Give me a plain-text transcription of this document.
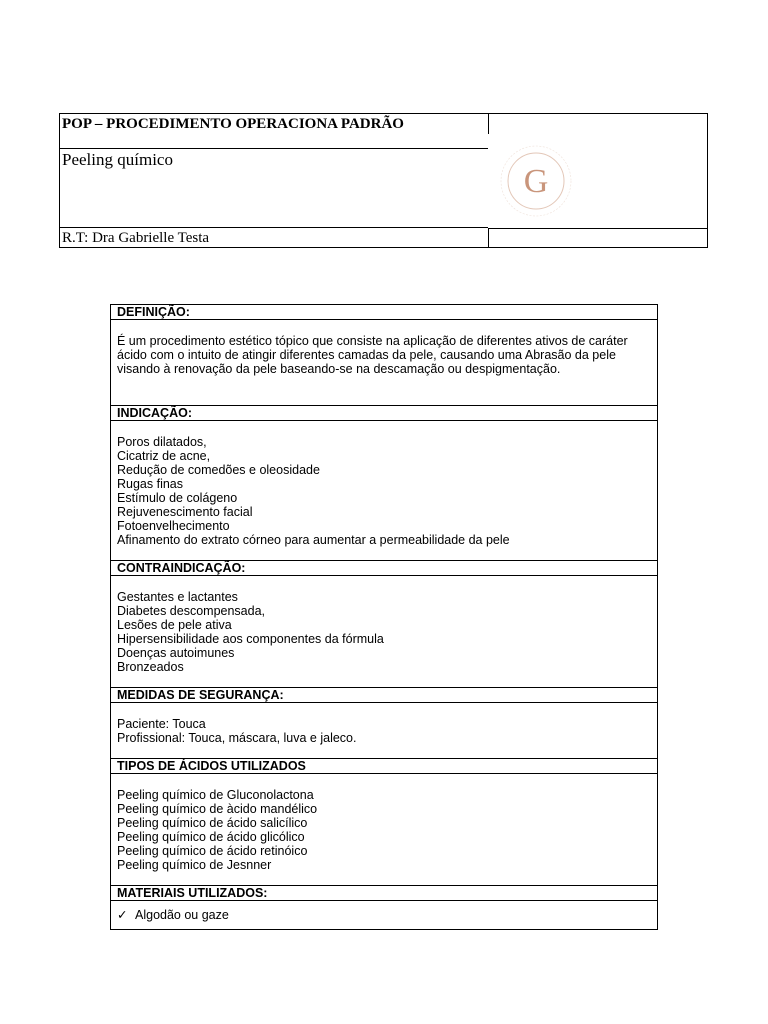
POP – PROCEDIMENTO OPERACIONA PADRÃO
Peeling químico
R.T: Dra Gabrielle Testa
G
DEFINIÇÃO:
É um procedimento estético tópico que consiste na aplicação de diferentes ativos de caráter
ácido com o intuito de atingir diferentes camadas da pele, causando uma Abrasão da pele
visando à renovação da pele baseando-se na descamação ou despigmentação.
INDICAÇÃO:
Poros dilatados,
Cicatriz de acne,
Redução de comedões e oleosidade
Rugas finas
Estímulo de colágeno
Rejuvenescimento facial
Fotoenvelhecimento
Afinamento do extrato córneo para aumentar a permeabilidade da pele
CONTRAINDICAÇÃO:
Gestantes e lactantes
Diabetes descompensada,
Lesões de pele ativa
Hipersensibilidade aos componentes da fórmula
Doenças autoimunes
Bronzeados
MEDIDAS DE SEGURANÇA:
Paciente: Touca
Profissional: Touca, máscara, luva e jaleco.
TIPOS DE ÁCIDOS UTILIZADOS
Peeling químico de Gluconolactona
Peeling químico de àcido mandélico
Peeling químico de ácido salicílico
Peeling químico de ácido glicólico
Peeling químico de ácido retinóico
Peeling químico de Jesnner
MATERIAIS UTILIZADOS:
✓ Algodão ou gaze
